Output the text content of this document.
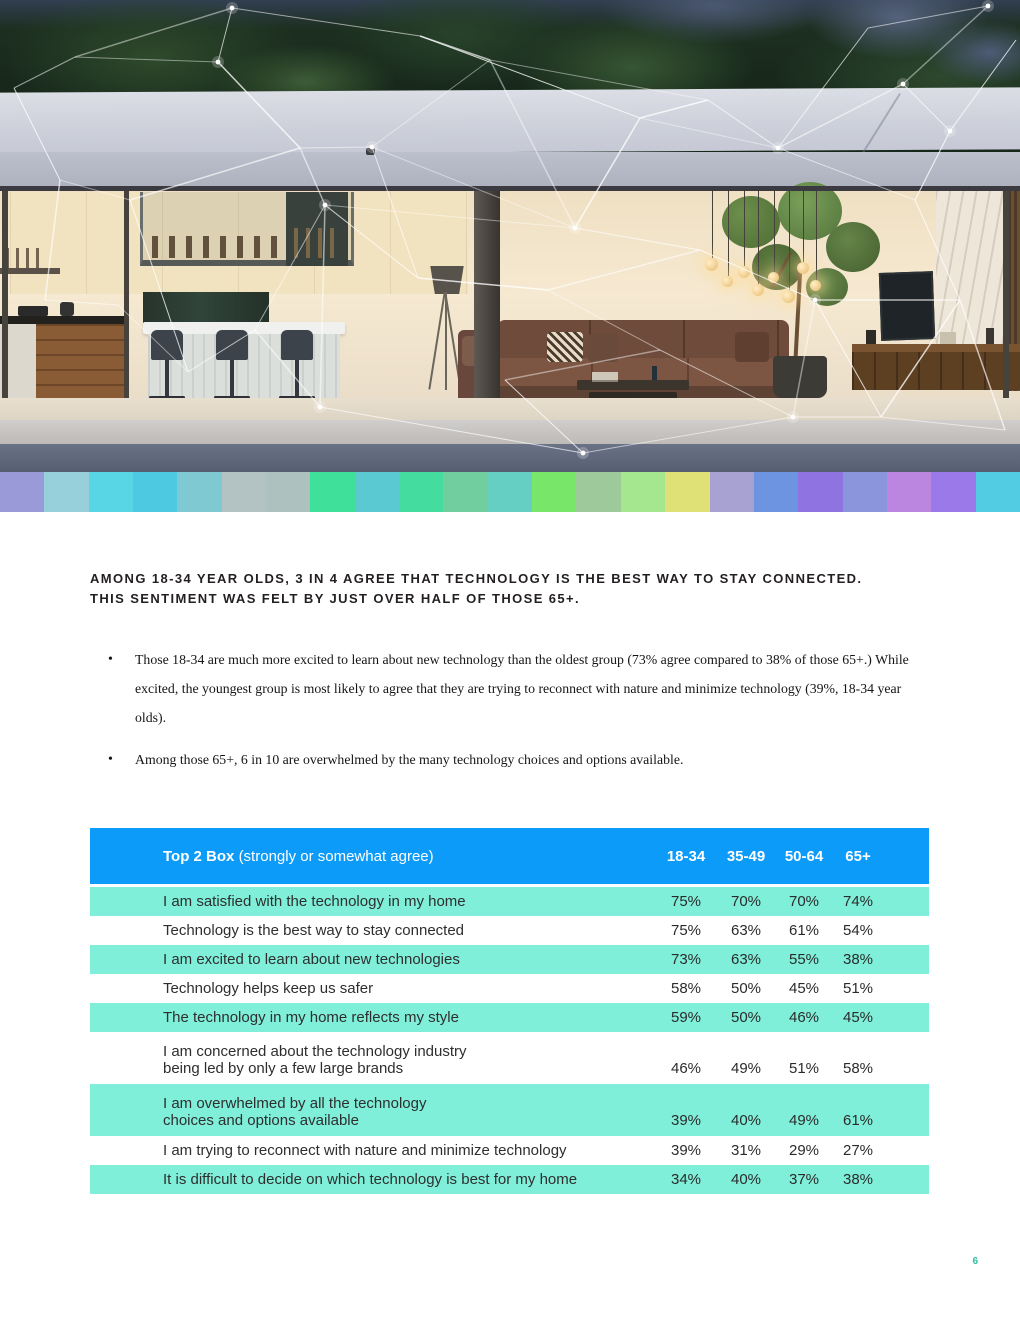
AMONG 18-34 YEAR OLDS, 3 IN 4 AGREE THAT TECHNOLOGY IS THE BEST WAY TO STAY CONNECTED.
THIS SENTIMENT WAS FELT BY JUST OVER HALF OF THOSE 65+.
• Those 18-34 are much more excited to learn about new technology than the oldest group (73% agree compared to 38% of those 65+.) While excited, the youngest group is most likely to agree that they are trying to reconnect with nature and minimize technology (39%, 18-34 year olds).
• Among those 65+, 6 in 10 are overwhelmed by the many technology choices and options available.
Top 2 Box (strongly or somewhat agree)	18-34	35-49	50-64	65+
I am satisfied with the technology in my home	75%	70%	70%	74%
Technology is the best way to stay connected	75%	63%	61%	54%
I am excited to learn about new technologies	73%	63%	55%	38%
Technology helps keep us safer	58%	50%	45%	51%
The technology in my home reflects my style	59%	50%	46%	45%
I am concerned about the technology industry
being led by only a few large brands	46%	49%	51%	58%
I am overwhelmed by all the technology
choices and options available	39%	40%	49%	61%
I am trying to reconnect with nature and minimize technology	39%	31%	29%	27%
It is difficult to decide on which technology is best for my home	34%	40%	37%	38%
6
